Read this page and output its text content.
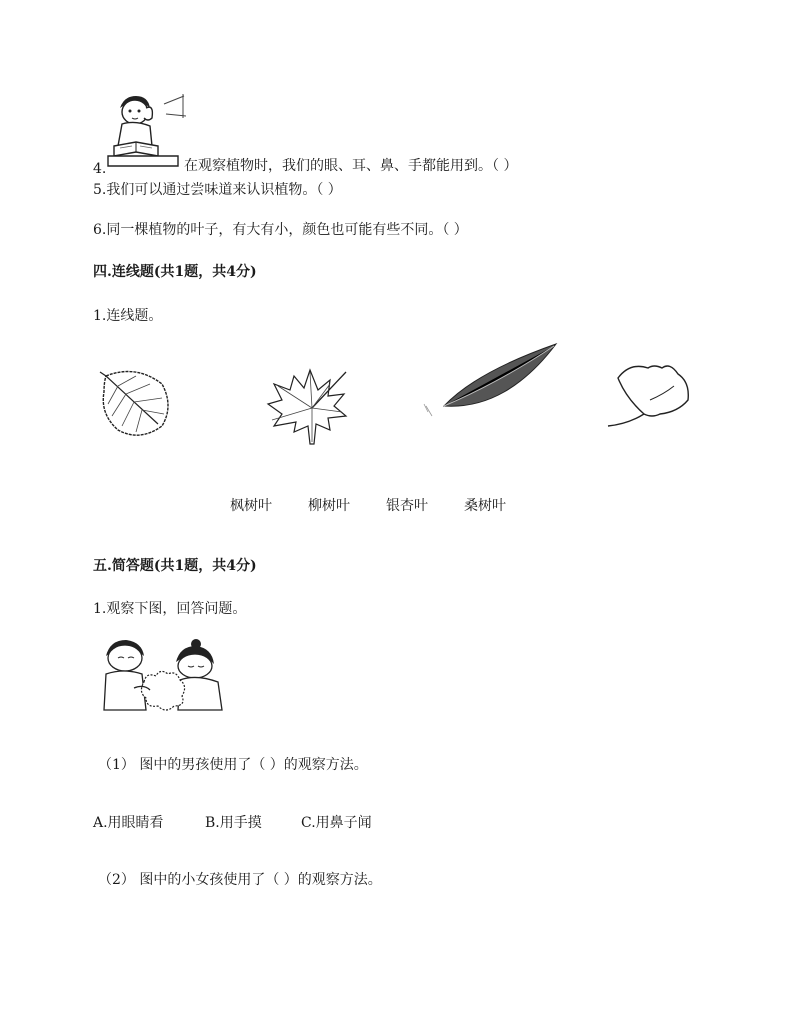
4.	在观察植物时，我们的眼、耳、鼻、手都能用到。（ ）
5.我们可以通过尝味道来认识植物。（ ）
6.同一棵植物的叶子，有大有小，颜色也可能有些不同。（ ）
四.连线题(共1题，共4分)
1.连线题。
枫树叶	柳树叶	银杏叶	桑树叶
五.简答题(共1题，共4分)
1.观察下图，回答问题。
（1） 图中的男孩使用了（ ）的观察方法。
A.用眼睛看	B.用手摸	C.用鼻子闻
（2） 图中的小女孩使用了（ ）的观察方法。
